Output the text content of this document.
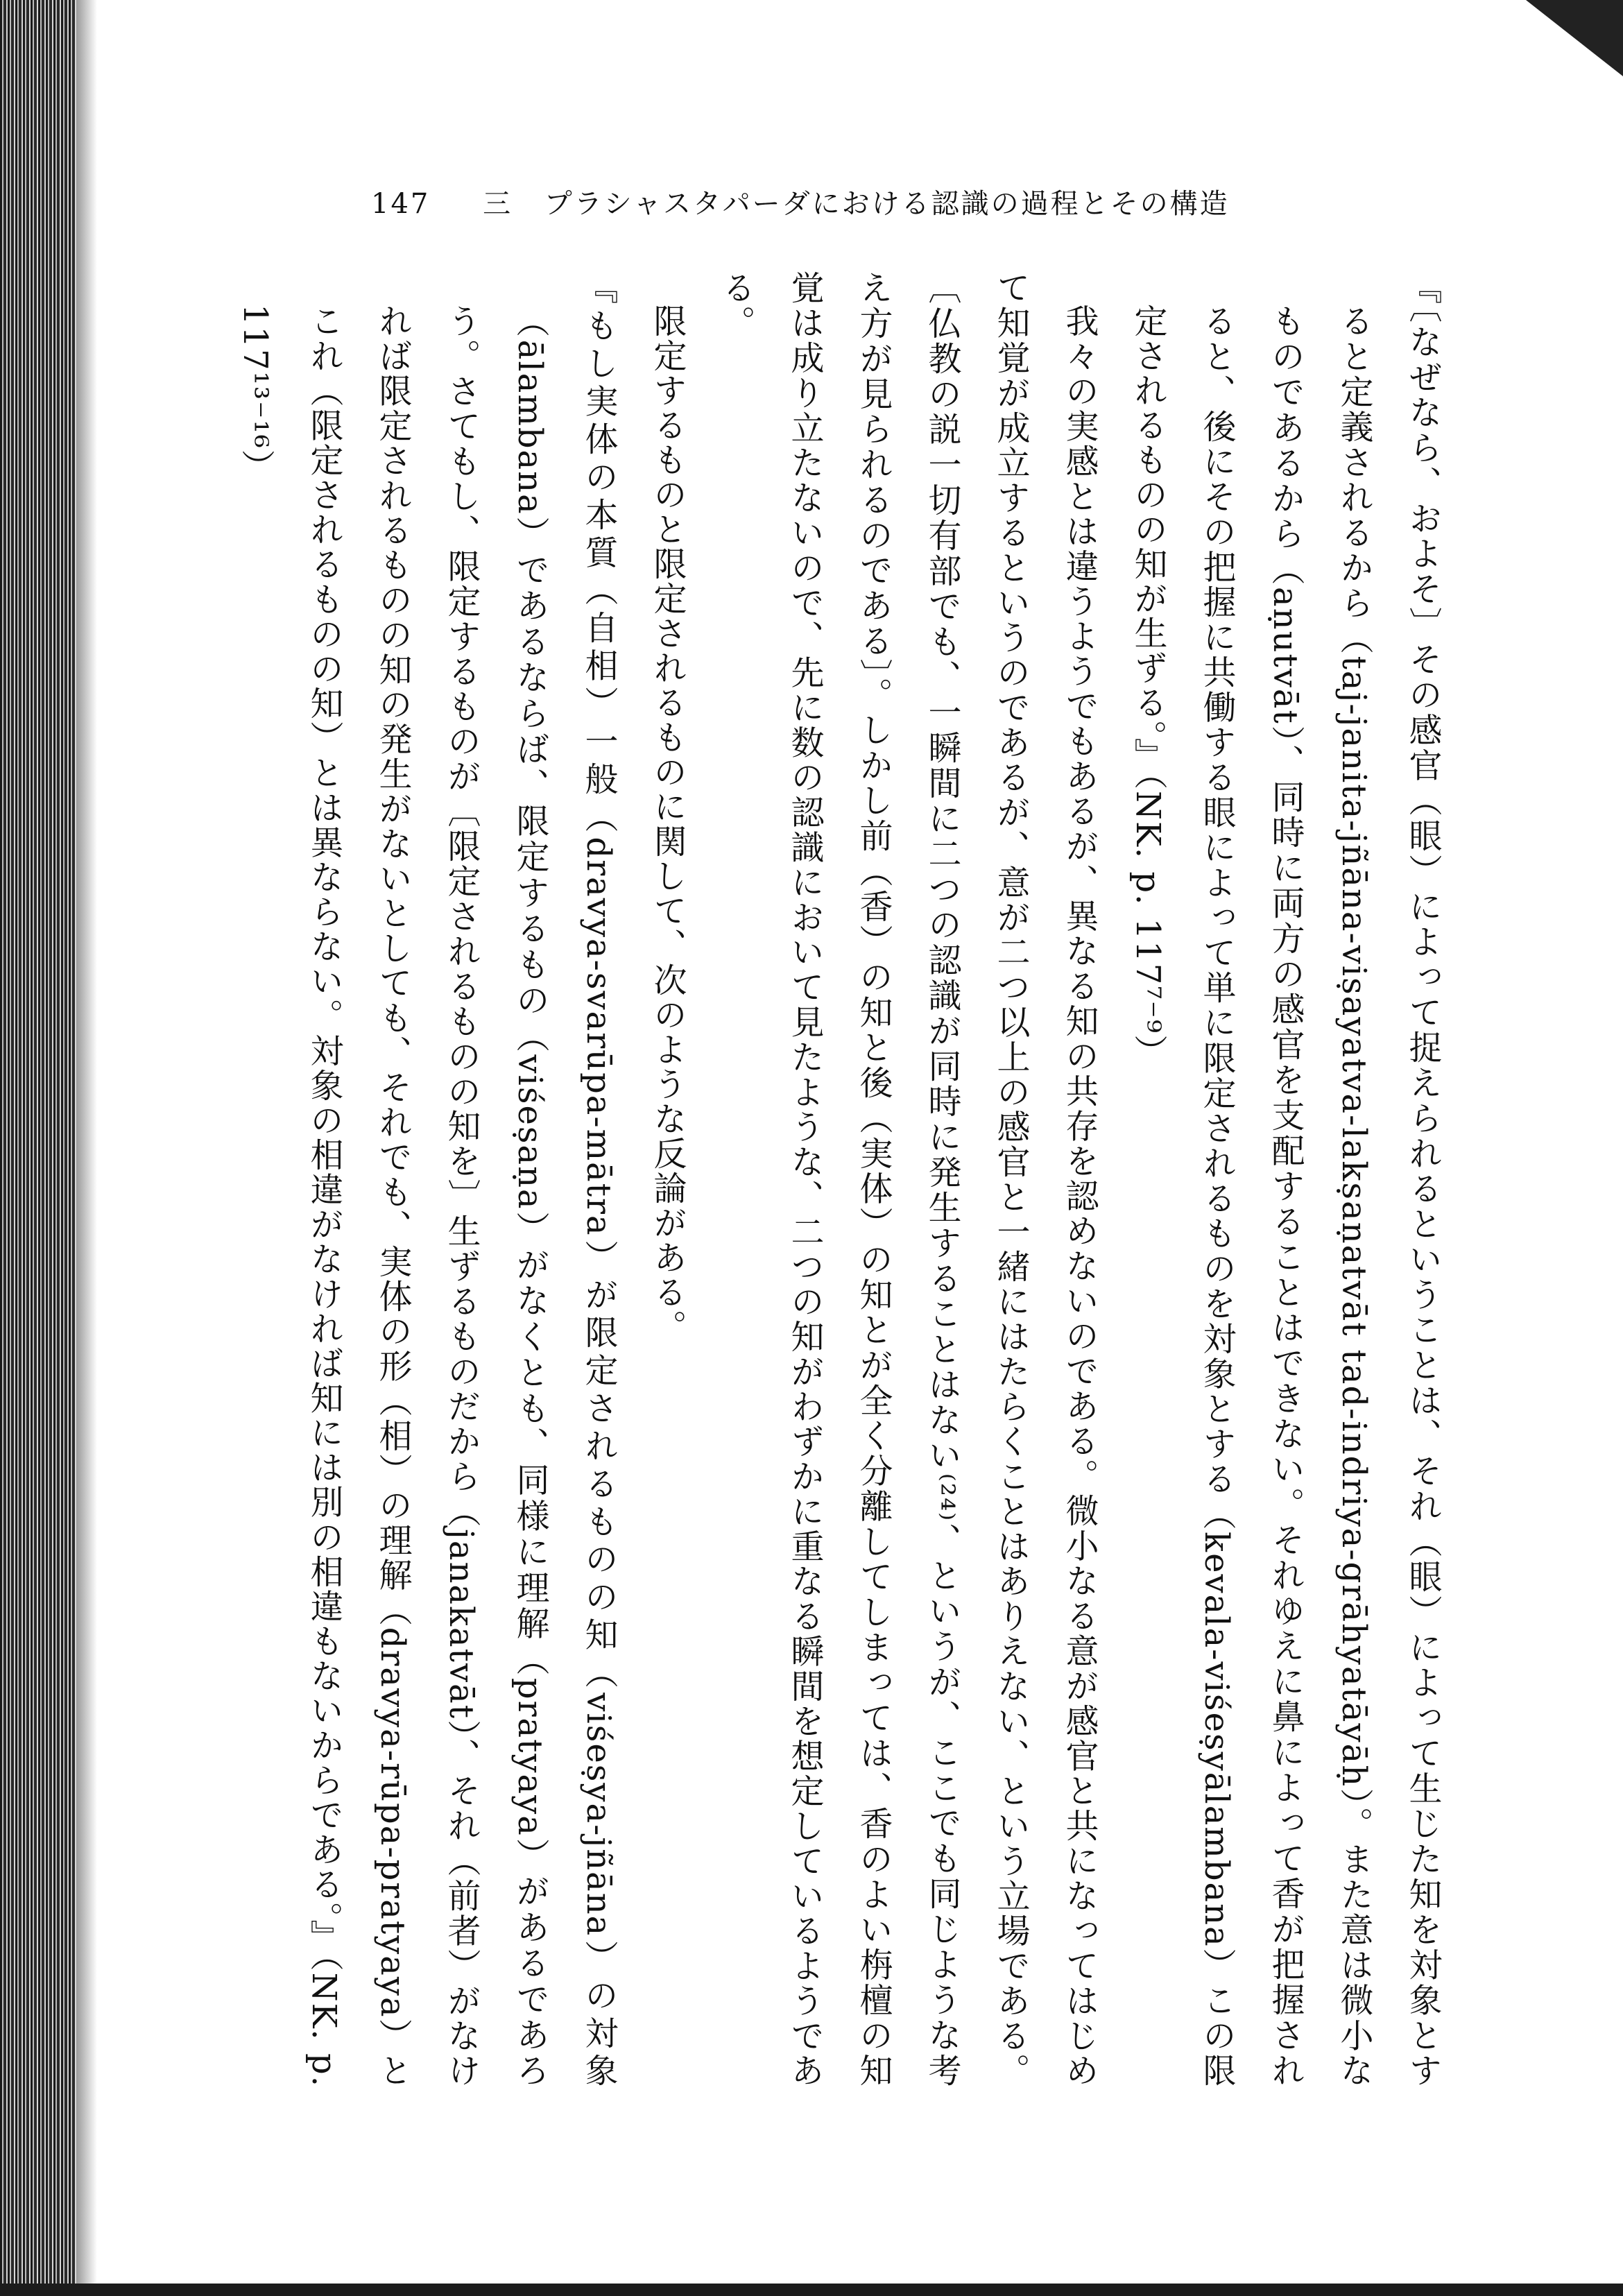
147 三 プラシャスタパーダにおける認識の過程とその構造

『〔なぜなら、およそ〕その感官（眼）によって捉えられるということは、それ（眼）によって生じた知を対象とすると定義されるから（taj-janita-jñāna-viṣayatva-lakṣaṇatvāt tad-indriya-grāhyatāyāḥ）。また意は微小なものであるから（aṇutvāt）、同時に両方の感官を支配することはできない。それゆえに鼻によって香が把握されると、後にその把握に共働する眼によって単に限定されるものを対象とする（kevala-viśeṣyālambana）この限定されるものの知が生ずる。』（NK. p. 117⁷⁻⁹）

我々の実感とは違うようでもあるが、異なる知の共存を認めないのである。微小なる意が感官と共になってはじめて知覚が成立するというのであるが、意が二つ以上の感官と一緒にはたらくことはありえない、という立場である。〔仏教の説一切有部でも、一瞬間に二つの認識が同時に発生することはない⁽²⁴⁾、というが、ここでも同じような考え方が見られるのである〕。しかし前（香）の知と後（実体）の知とが全く分離してしまっては、香のよい栴檀の知覚は成り立たないので、先に数の認識において見たような、二つの知がわずかに重なる瞬間を想定しているようである。

限定するものと限定されるものに関して、次のような反論がある。

『もし実体の本質（自相）一般（dravya-svarūpa-mātra）が限定されるものの知（viśeṣya-jñāna）の対象（ālambana）であるならば、限定するもの（viśeṣaṇa）がなくとも、同様に理解（pratyaya）があるであろう。さてもし、限定するものが〔限定されるものの知を〕生ずるものだから（janakatvāt）、それ（前者）がなければ限定されるものの知の発生がないとしても、それでも、実体の形（相）の理解（dravya-rūpa-pratyaya）とこれ（限定されるものの知）とは異ならない。対象の相違がなければ知には別の相違もないからである。』（NK. p. 117¹³⁻¹⁶）
